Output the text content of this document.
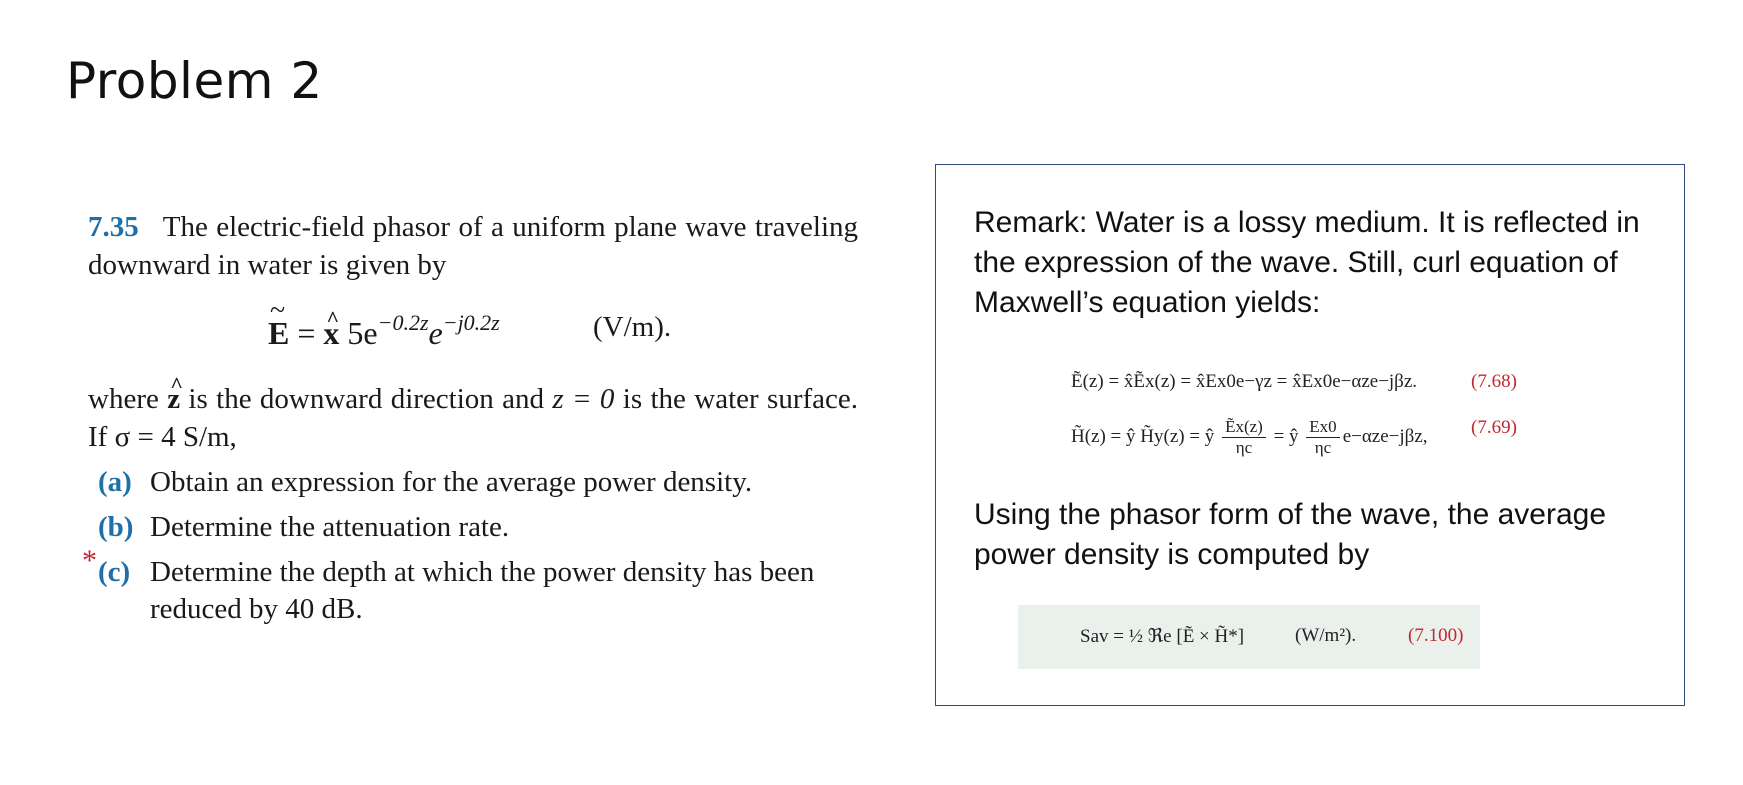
Problem 2
7.35 The electric-field phasor of a uniform plane wave traveling downward in water is given by
~ E = ^ x $5e^{-0.2z}e^{-j0.2z}$	(V/m).
where ^ z is the downward direction and z = 0 is the water surface. If σ = 4 S/m,
(a) Obtain an expression for the average power density.
(b) Determine the attenuation rate.
* (c) Determine the depth at which the power density has been reduced by 40 dB.
Remark: Water is a lossy medium. It is reflected in the expression of the wave. Still, curl equation of Maxwell’s equation yields:
Ẽ(z) = x̂Ẽx(z) = x̂Ex0e−γz = x̂Ex0e−αze−jβz.	(7.68)
H̃(z) = ŷ H̃y(z) = ŷ $\frac{\text{Ẽx(z)}}{\eta c}$ = ŷ $\frac{Ex0}{\eta c} e-\alpha ze-j\beta z$, (7.69)
Using the phasor form of the wave, the average power density is computed by
Sav = ½ ℜe [Ẽ × H̃*]	(W/m²).	(7.100)
